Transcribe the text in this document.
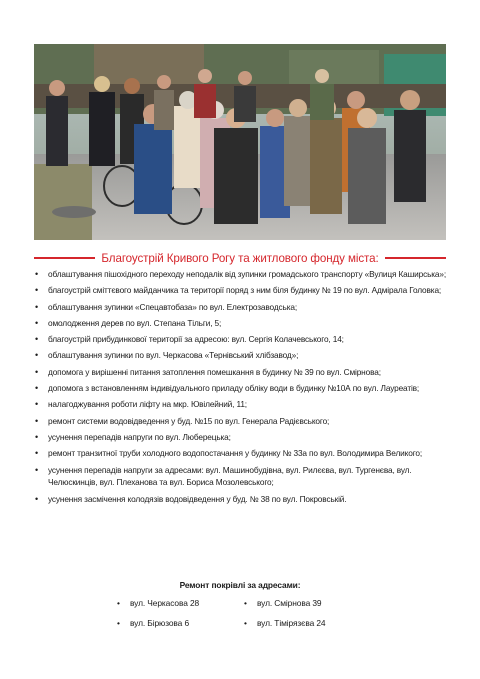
Благоустрій Кривого Рогу та житлового фонду міста:
• облаштування пішохідного переходу неподалік від зупинки громадського транспорту «Вулиця Каширська»;
• благоустрій сміттєвого майданчика та території поряд з ним біля будинку № 19 по вул. Адмірала Головка;
• облаштування зупинки «Спецавтобаза» по вул. Електрозаводська;
• омолодження дерев по вул. Степана Тільги, 5;
• благоустрій прибудинкової території за адресою: вул. Сергія Колачевського, 14;
• облаштування зупинки по вул. Черкасова «Тернівський хлібзавод»;
• допомога у вирішенні питання затоплення помешкання в будинку № 39 по вул. Смірнова;
• допомога з встановленням індивідуального приладу обліку води в будинку №10А по вул. Лауреатів;
• налагоджування роботи ліфту на мкр. Ювілейний, 11;
• ремонт системи водовідведення у буд. №15 по вул. Генерала Радієвського;
• усунення перепадів напруги по вул. Люберецька;
• ремонт транзитної труби холодного водопостачання у будинку № 33а по вул. Володимира Великого;
• усунення перепадів напруги за адресами: вул. Машинобудівна, вул. Рилєєва, вул. Тургенєва, вул. Челюскинців, вул. Плеханова та вул. Бориса Мозолевського;
• усунення засмічення колодязів водовідведення у буд. № 38 по вул. Покровській.
Ремонт покрівлі за адресами:
• вул. Черкасова 28	• вул. Смірнова 39
• вул. Бірюзова 6	• вул. Тімірязєва 24
